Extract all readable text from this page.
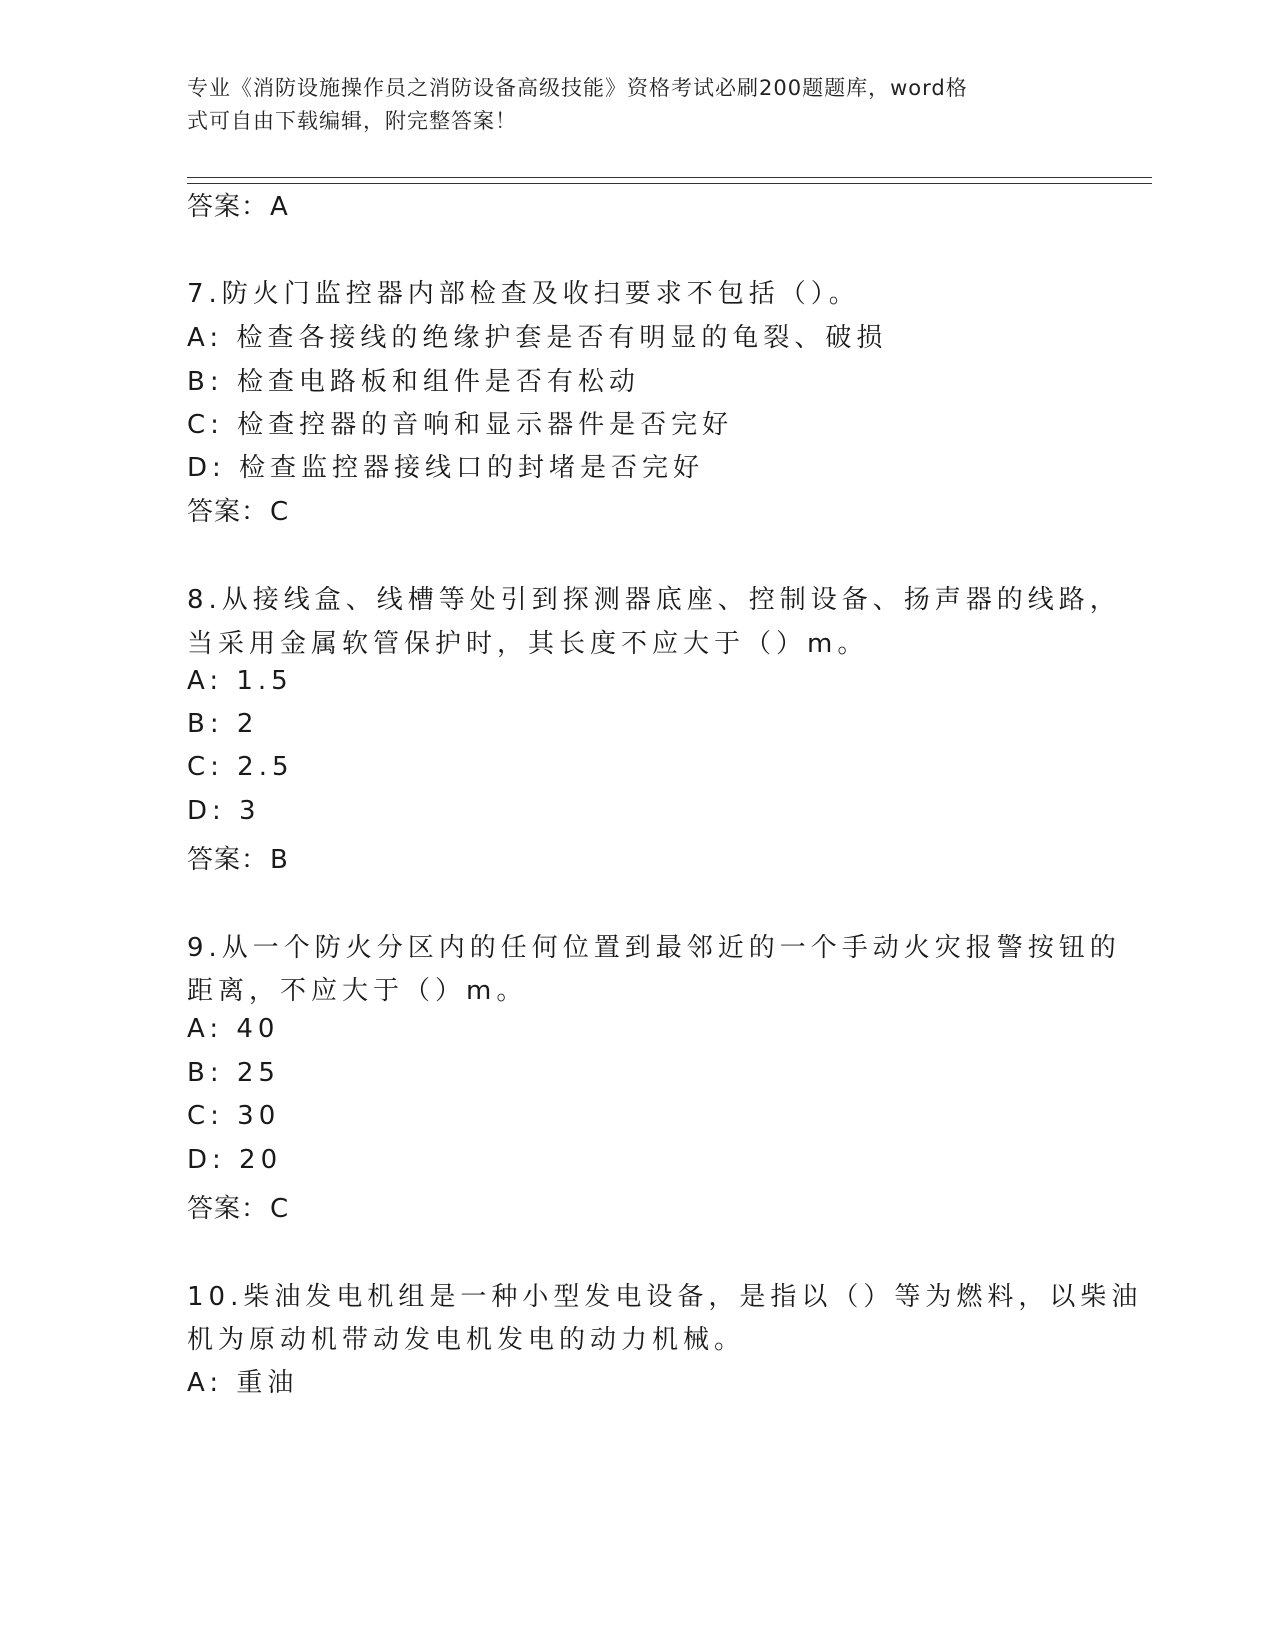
专业《消防设施操作员之消防设备高级技能》资格考试必刷200题题库，word格
式可自由下载编辑，附完整答案！
答案：A
7.防火门监控器内部检查及收扫要求不包括（）。
A: 检查各接线的绝缘护套是否有明显的龟裂、破损
B: 检查电路板和组件是否有松动
C: 检查控器的音响和显示器件是否完好
D: 检查监控器接线口的封堵是否完好
答案：C
8.从接线盒、线槽等处引到探测器底座、控制设备、扬声器的线路，
当采用金属软管保护时，其长度不应大于（）m。
A: 1.5
B: 2
C: 2.5
D: 3
答案：B
9.从一个防火分区内的任何位置到最邻近的一个手动火灾报警按钮的
距离，不应大于（）m。
A: 40
B: 25
C: 30
D: 20
答案：C
10.柴油发电机组是一种小型发电设备，是指以（）等为燃料，以柴油
机为原动机带动发电机发电的动力机械。
A: 重油
